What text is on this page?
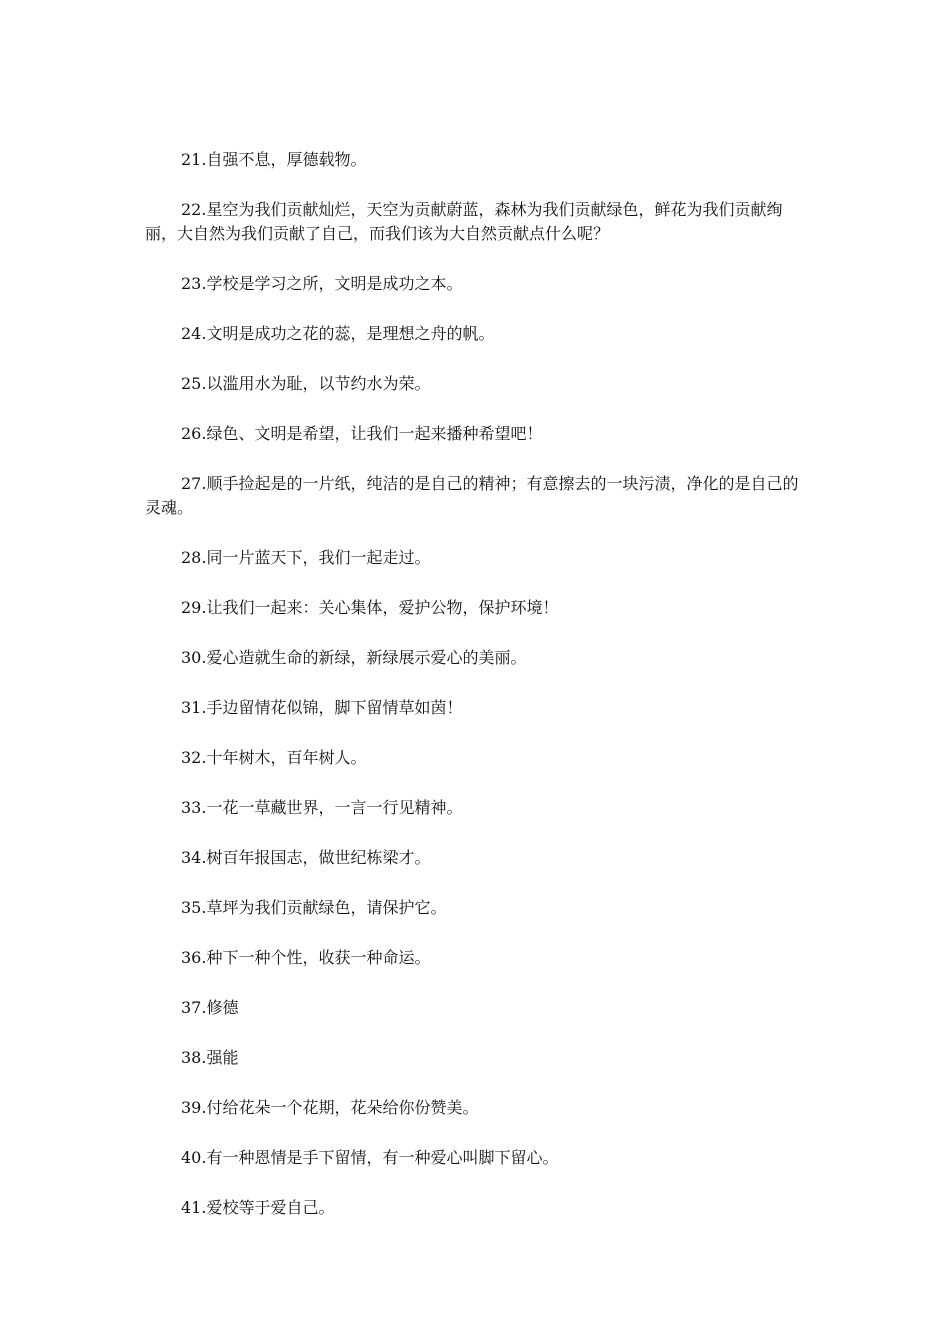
21.自强不息，厚德载物。

22.星空为我们贡献灿烂，天空为贡献蔚蓝，森林为我们贡献绿色，鲜花为我们贡献绚丽，大自然为我们贡献了自己，而我们该为大自然贡献点什么呢？

23.学校是学习之所，文明是成功之本。

24.文明是成功之花的蕊，是理想之舟的帆。

25.以滥用水为耻，以节约水为荣。

26.绿色、文明是希望，让我们一起来播种希望吧！

27.顺手捡起是的一片纸，纯洁的是自己的精神；有意擦去的一块污渍，净化的是自己的灵魂。

28.同一片蓝天下，我们一起走过。

29.让我们一起来：关心集体，爱护公物，保护环境！

30.爱心造就生命的新绿，新绿展示爱心的美丽。

31.手边留情花似锦，脚下留情草如茵！

32.十年树木，百年树人。

33.一花一草藏世界，一言一行见精神。

34.树百年报国志，做世纪栋梁才。

35.草坪为我们贡献绿色，请保护它。

36.种下一种个性，收获一种命运。

37.修德

38.强能

39.付给花朵一个花期，花朵给你份赞美。

40.有一种恩情是手下留情，有一种爱心叫脚下留心。

41.爱校等于爱自己。
